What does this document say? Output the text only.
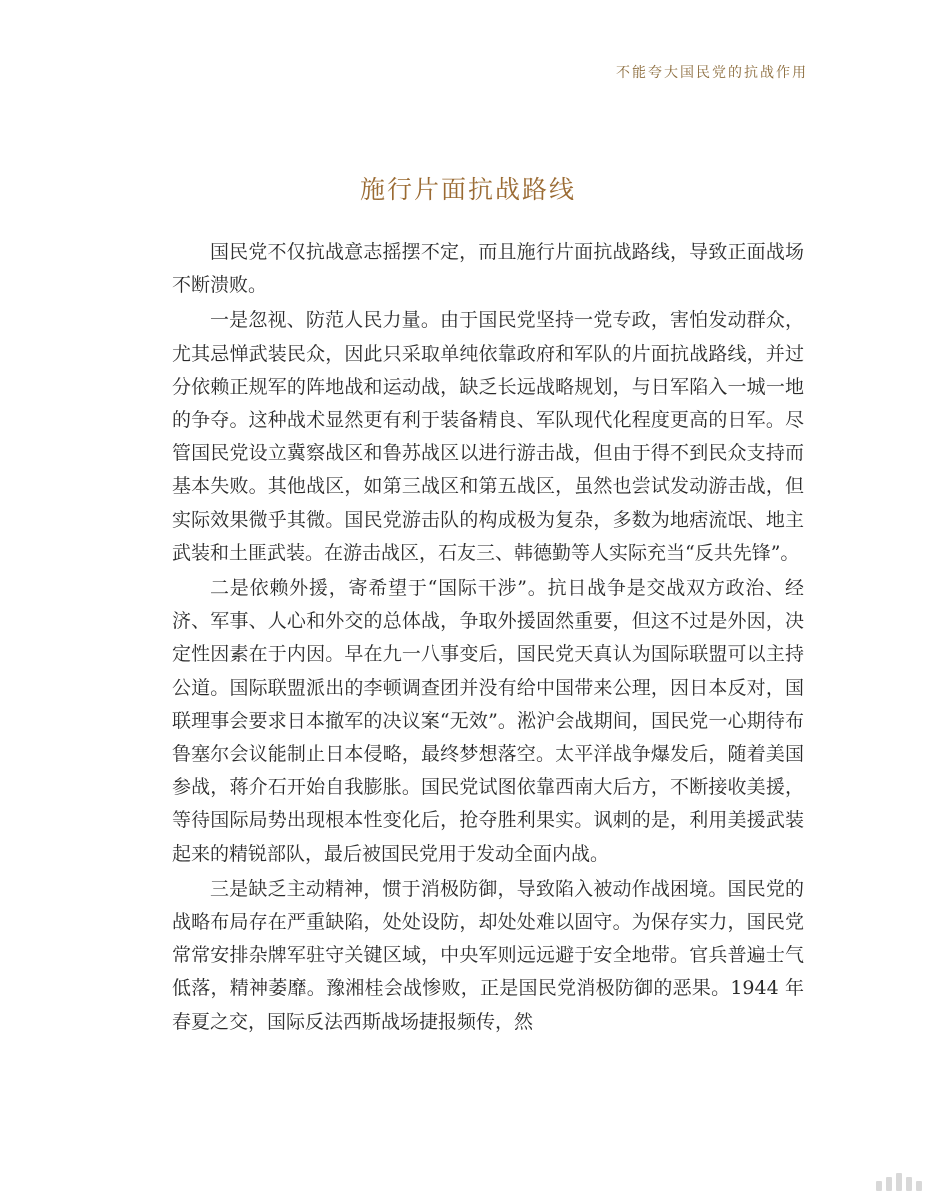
不能夸大国民党的抗战作用
施行片面抗战路线

国民党不仅抗战意志摇摆不定，而且施行片面抗战路线，导致正面战场不断溃败。

一是忽视、防范人民力量。由于国民党坚持一党专政，害怕发动群众，尤其忌惮武装民众，因此只采取单纯依靠政府和军队的片面抗战路线，并过分依赖正规军的阵地战和运动战，缺乏长远战略规划，与日军陷入一城一地的争夺。这种战术显然更有利于装备精良、军队现代化程度更高的日军。尽管国民党设立冀察战区和鲁苏战区以进行游击战，但由于得不到民众支持而基本失败。其他战区，如第三战区和第五战区，虽然也尝试发动游击战，但实际效果微乎其微。国民党游击队的构成极为复杂，多数为地痞流氓、地主武装和土匪武装。在游击战区，石友三、韩德勤等人实际充当“反共先锋”。

二是依赖外援，寄希望于“国际干涉”。抗日战争是交战双方政治、经济、军事、人心和外交的总体战，争取外援固然重要，但这不过是外因，决定性因素在于内因。早在九一八事变后，国民党天真认为国际联盟可以主持公道。国际联盟派出的李顿调查团并没有给中国带来公理，因日本反对，国联理事会要求日本撤军的决议案“无效”。淞沪会战期间，国民党一心期待布鲁塞尔会议能制止日本侵略，最终梦想落空。太平洋战争爆发后，随着美国参战，蒋介石开始自我膨胀。国民党试图依靠西南大后方，不断接收美援，等待国际局势出现根本性变化后，抢夺胜利果实。讽刺的是，利用美援武装起来的精锐部队，最后被国民党用于发动全面内战。

三是缺乏主动精神，惯于消极防御，导致陷入被动作战困境。国民党的战略布局存在严重缺陷，处处设防，却处处难以固守。为保存实力，国民党常常安排杂牌军驻守关键区域，中央军则远远避于安全地带。官兵普遍士气低落，精神萎靡。豫湘桂会战惨败，正是国民党消极防御的恶果。1944 年春夏之交，国际反法西斯战场捷报频传，然
